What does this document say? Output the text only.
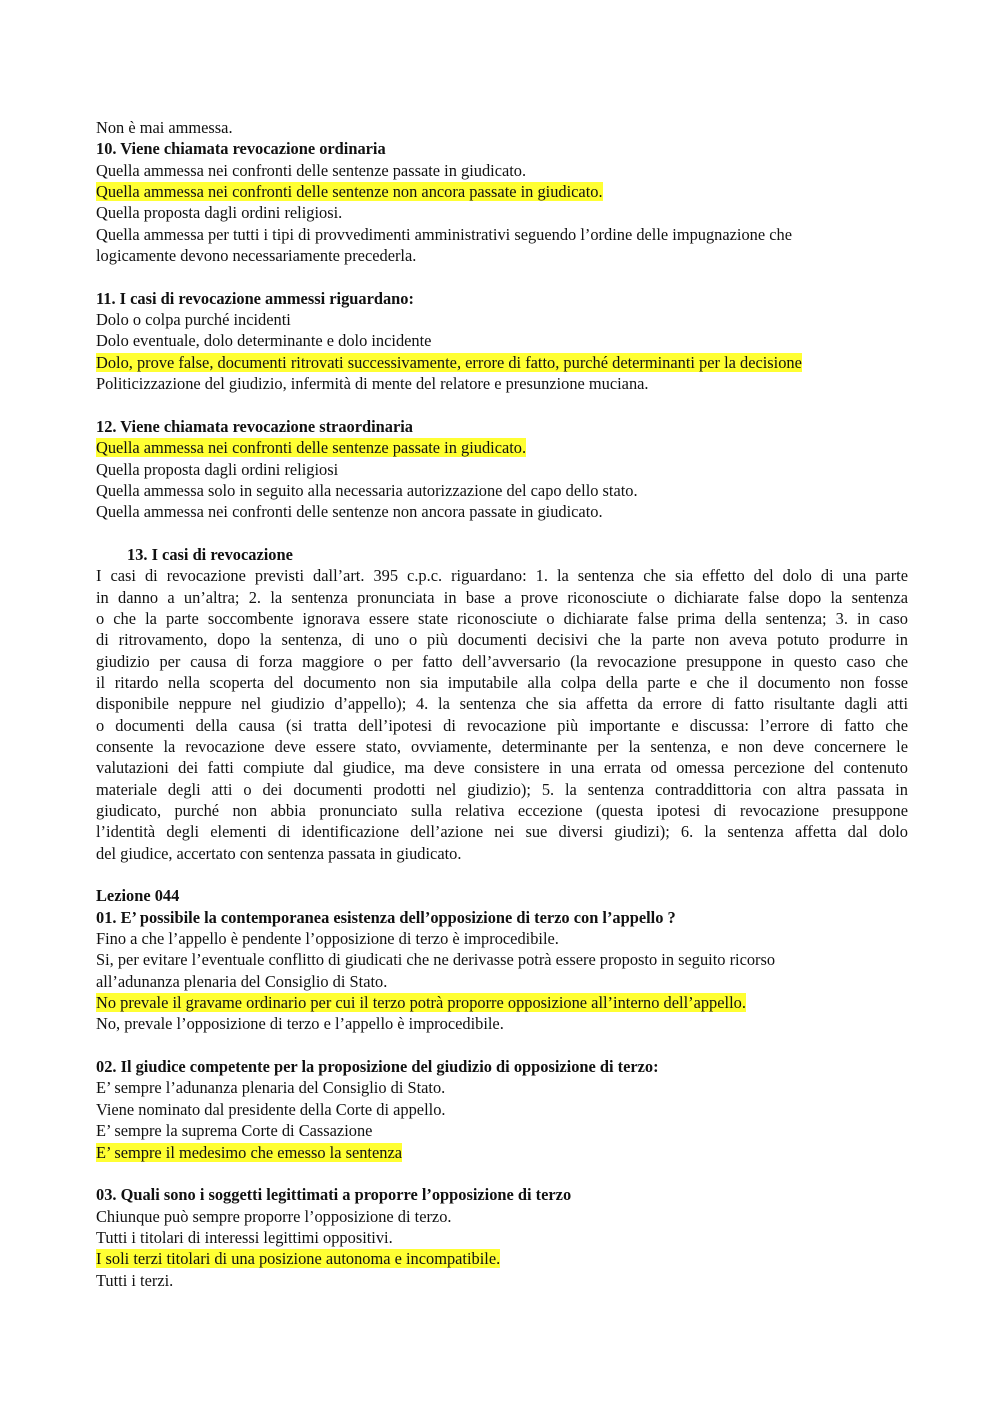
Non è mai ammessa.
10. Viene chiamata revocazione ordinaria
Quella ammessa nei confronti delle sentenze passate in giudicato.
Quella ammessa nei confronti delle sentenze non ancora passate in giudicato.
Quella proposta dagli ordini religiosi.
Quella ammessa per tutti i tipi di provvedimenti amministrativi seguendo l’ordine delle impugnazione che
logicamente devono necessariamente precederla.
11. I casi di revocazione ammessi riguardano:
Dolo o colpa purché incidenti
Dolo eventuale, dolo determinante e dolo incidente
Dolo, prove false, documenti ritrovati successivamente, errore di fatto, purché determinanti per la decisione
Politicizzazione del giudizio, infermità di mente del relatore e presunzione muciana.
12. Viene chiamata revocazione straordinaria
Quella ammessa nei confronti delle sentenze passate in giudicato.
Quella proposta dagli ordini religiosi
Quella ammessa solo in seguito alla necessaria autorizzazione del capo dello stato.
Quella ammessa nei confronti delle sentenze non ancora passate in giudicato.
13. I casi di revocazione
I casi di revocazione previsti dall’art. 395 c.p.c. riguardano: 1. la sentenza che sia effetto del dolo di una parte
in danno a un’altra; 2. la sentenza pronunciata in base a prove riconosciute o dichiarate false dopo la sentenza
o che la parte soccombente ignorava essere state riconosciute o dichiarate false prima della sentenza; 3. in caso
di ritrovamento, dopo la sentenza, di uno o più documenti decisivi che la parte non aveva potuto produrre in
giudizio per causa di forza maggiore o per fatto dell’avversario (la revocazione presuppone in questo caso che
il ritardo nella scoperta del documento non sia imputabile alla colpa della parte e che il documento non fosse
disponibile neppure nel giudizio d’appello); 4. la sentenza che sia affetta da errore di fatto risultante dagli atti
o documenti della causa (si tratta dell’ipotesi di revocazione più importante e discussa: l’errore di fatto che
consente la revocazione deve essere stato, ovviamente, determinante per la sentenza, e non deve concernere le
valutazioni dei fatti compiute dal giudice, ma deve consistere in una errata od omessa percezione del contenuto
materiale degli atti o dei documenti prodotti nel giudizio); 5. la sentenza contraddittoria con altra passata in
giudicato, purché non abbia pronunciato sulla relativa eccezione (questa ipotesi di revocazione presuppone
l’identità degli elementi di identificazione dell’azione nei sue diversi giudizi); 6. la sentenza affetta dal dolo
del giudice, accertato con sentenza passata in giudicato.
Lezione 044
01. E’ possibile la contemporanea esistenza dell’opposizione di terzo con l’appello ?
Fino a che l’appello è pendente l’opposizione di terzo è improcedibile.
Si, per evitare l’eventuale conflitto di giudicati che ne derivasse potrà essere proposto in seguito ricorso
all’adunanza plenaria del Consiglio di Stato.
No prevale il gravame ordinario per cui il terzo potrà proporre opposizione all’interno dell’appello.
No, prevale l’opposizione di terzo e l’appello è improcedibile.
02. Il giudice competente per la proposizione del giudizio di opposizione di terzo:
E’ sempre l’adunanza plenaria del Consiglio di Stato.
Viene nominato dal presidente della Corte di appello.
E’ sempre la suprema Corte di Cassazione
E’ sempre il medesimo che emesso la sentenza
03. Quali sono i soggetti legittimati a proporre l’opposizione di terzo
Chiunque può sempre proporre l’opposizione di terzo.
Tutti i titolari di interessi legittimi oppositivi.
I soli terzi titolari di una posizione autonoma e incompatibile.
Tutti i terzi.
